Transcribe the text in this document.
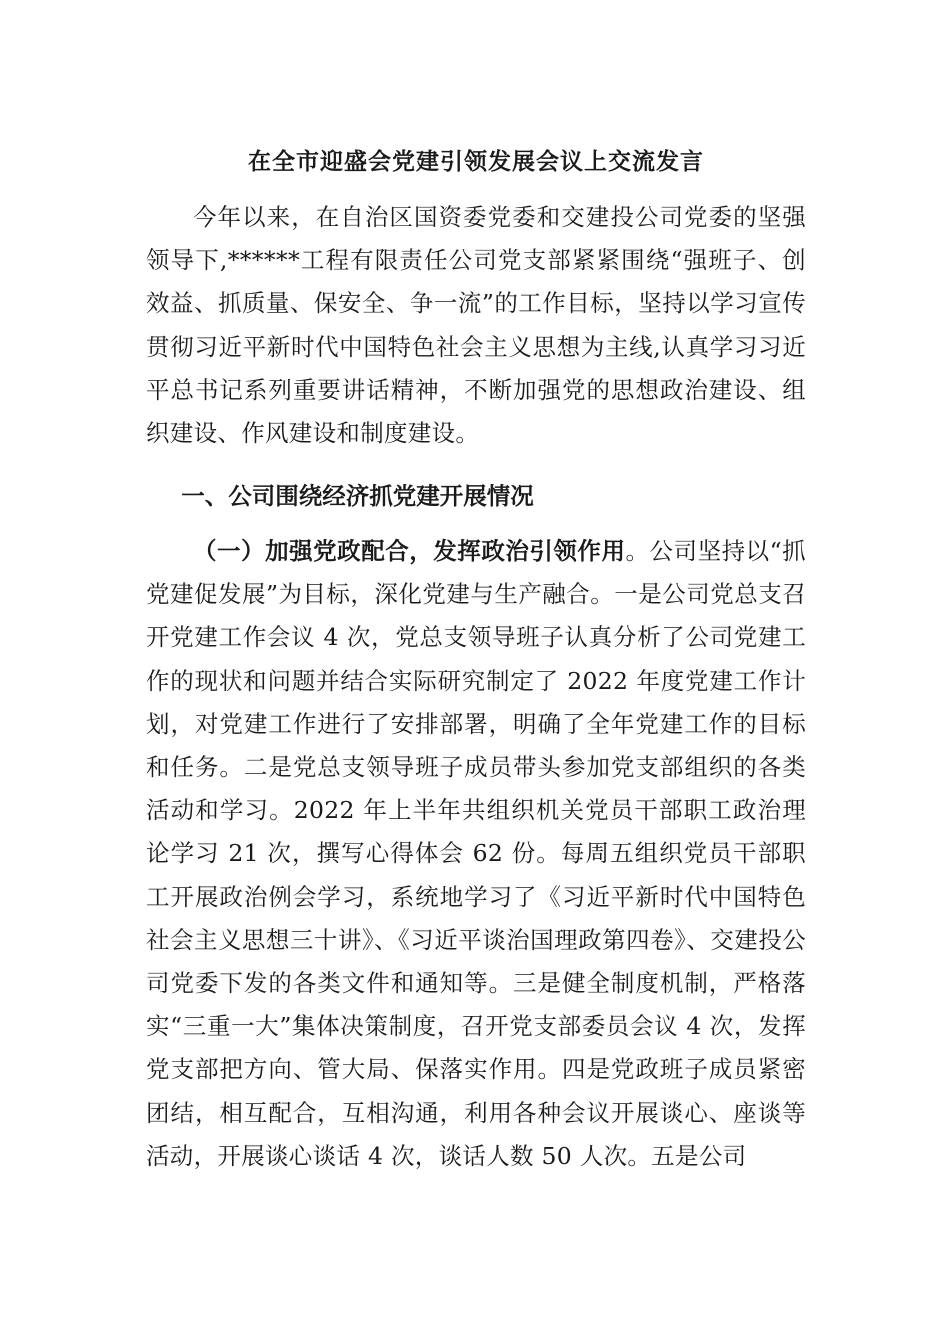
在全市迎盛会党建引领发展会议上交流发言

今年以来，在自治区国资委党委和交建投公司党委的坚强领导下,******工程有限责任公司党支部紧紧围绕“强班子、创效益、抓质量、保安全、争一流”的工作目标，坚持以学习宣传贯彻习近平新时代中国特色社会主义思想为主线,认真学习习近平总书记系列重要讲话精神，不断加强党的思想政治建设、组织建设、作风建设和制度建设。

一、公司围绕经济抓党建开展情况

（一）加强党政配合，发挥政治引领作用。公司坚持以“抓党建促发展”为目标，深化党建与生产融合。一是公司党总支召开党建工作会议 4 次，党总支领导班子认真分析了公司党建工作的现状和问题并结合实际研究制定了 2022 年度党建工作计划，对党建工作进行了安排部署，明确了全年党建工作的目标和任务。二是党总支领导班子成员带头参加党支部组织的各类活动和学习。2022 年上半年共组织机关党员干部职工政治理论学习 21 次，撰写心得体会 62 份。每周五组织党员干部职工开展政治例会学习，系统地学习了《习近平新时代中国特色社会主义思想三十讲》、《习近平谈治国理政第四卷》、交建投公司党委下发的各类文件和通知等。三是健全制度机制，严格落实“三重一大”集体决策制度，召开党支部委员会议 4 次，发挥党支部把方向、管大局、保落实作用。四是党政班子成员紧密团结，相互配合，互相沟通，利用各种会议开展谈心、座谈等活动，开展谈心谈话 4 次，谈话人数 50 人次。五是公司
